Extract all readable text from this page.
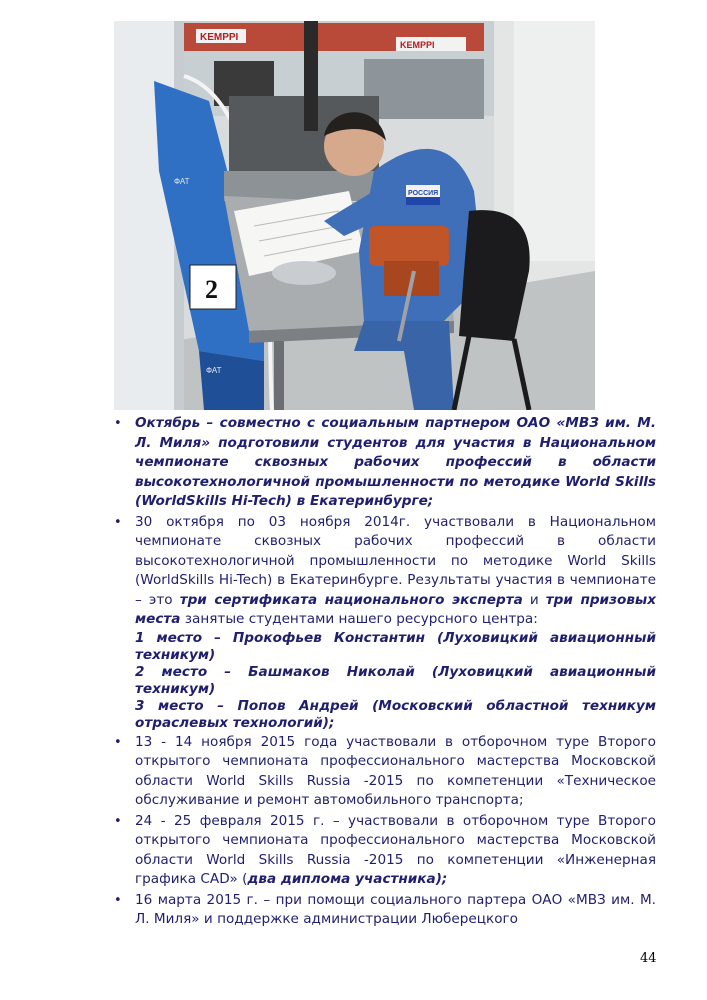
KEMPPI
KEMPPI
2
ФАТ
ФАТ
РОССИЯ
• Октябрь – совместно с социальным партнером ОАО «МВЗ им. М. Л. Миля» подготовили студентов для участия в Национальном чемпионате сквозных рабочих профессий в области высокотехнологичной промышленности по методике World Skills (WorldSkills Hi-Tech) в Екатеринбурге;

• 30 октября по 03 ноября 2014г. участвовали в Национальном чемпионате сквозных рабочих профессий в области высокотехнологичной промышленности по методике World Skills (WorldSkills Hi-Tech) в Екатеринбурге. Результаты участия в чемпионате – это три сертификата национального эксперта и три призовых места занятые студентами нашего ресурсного центра:

1 место – Прокофьев Константин (Луховицкий авиационный техникум)

2 место – Башмаков Николай (Луховицкий авиационный техникум)

3 место – Попов Андрей (Московский областной техникум отраслевых технологий);

• 13 - 14 ноября 2015 года участвовали в отборочном туре Второго открытого чемпионата профессионального мастерства Московской области World Skills Russia -2015 по компетенции «Техническое обслуживание и ремонт автомобильного транспорта;

• 24 - 25 февраля 2015 г. – участвовали в отборочном туре Второго открытого чемпионата профессионального мастерства Московской области World Skills Russia -2015 по компетенции «Инженерная графика CAD» (два диплома участника);

• 16 марта 2015 г. – при помощи социального партера ОАО «МВЗ им. М. Л. Миля» и поддержке администрации Люберецкого

44
